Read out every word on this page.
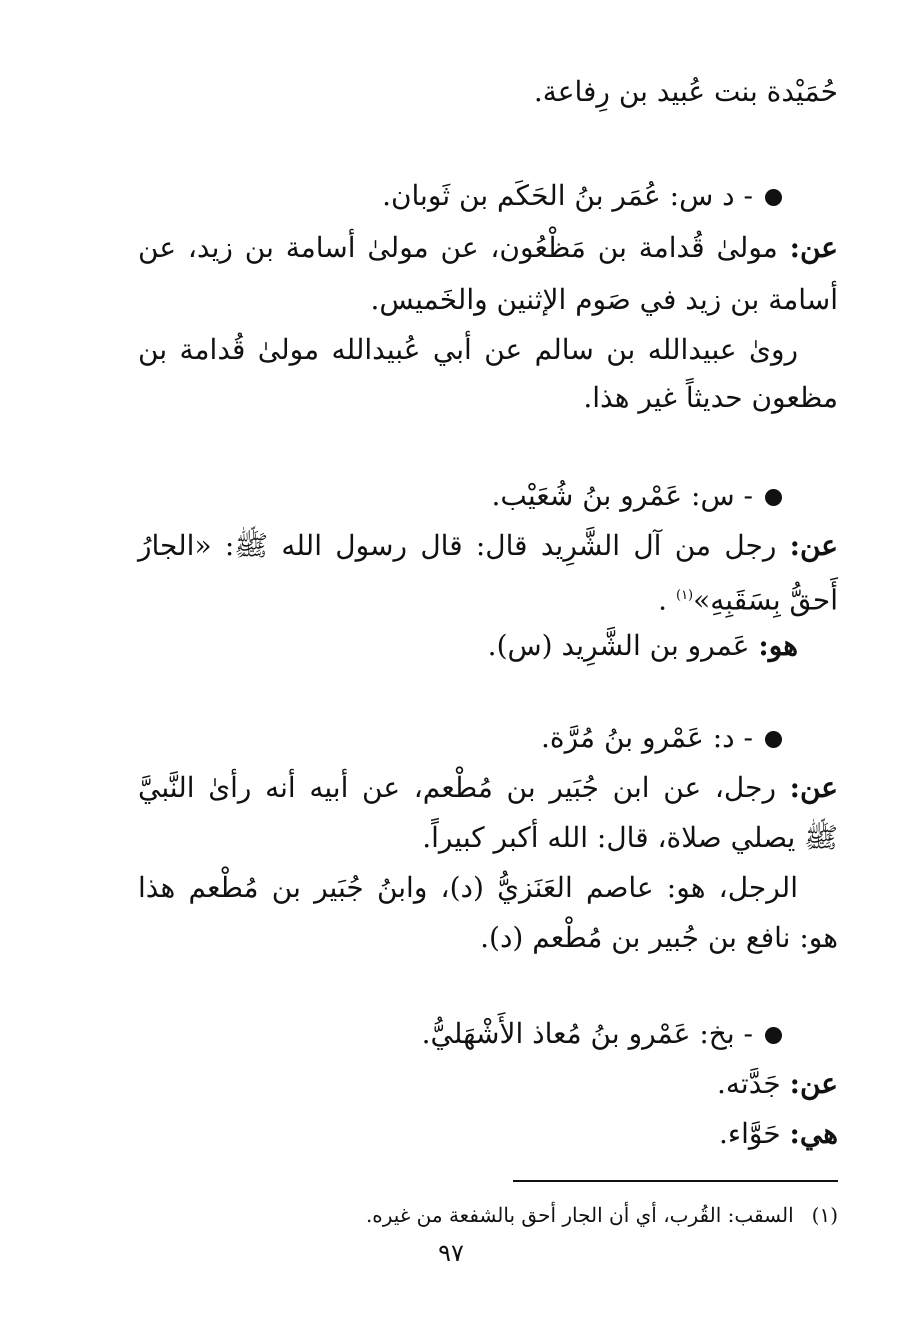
حُمَيْدة بنت عُبيد بن رِفاعة.
- د س: عُمَر بنُ الحَكَم بن ثَوبان.
عن: مولىٰ قُدامة بن مَظْعُون، عن مولىٰ أسامة بن زيد، عن
أسامة بن زيد في صَوم الإثنين والخَميس.
روىٰ عبيدالله بن سالم عن أبي عُبيدالله مولىٰ قُدامة بن
مظعون حديثاً غير هذا.
- س: عَمْرو بنُ شُعَيْب.
عن: رجل من آل الشَّرِيد قال: قال رسول الله ﷺ: «الجارُ
أَحقُّ بِسَقَبِهِ»$^{(١)}$ .
هو: عَمرو بن الشَّرِيد (س).
- د: عَمْرو بنُ مُرَّة.
عن: رجل، عن ابن جُبَير بن مُطْعم، عن أبيه أنه رأىٰ النَّبيَّ
ﷺ يصلي صلاة، قال: الله أكبر كبيراً.
الرجل، هو: عاصم العَنَزيُّ (د)، وابنُ جُبَير بن مُطْعم هذا
هو: نافع بن جُبير بن مُطْعم (د).
- بخ: عَمْرو بنُ مُعاذ الأَشْهَليُّ.
عن: جَدَّته.
هي: حَوَّاء.
(١)السقب: القُرب، أي أن الجار أحق بالشفعة من غيره.
٩٧
